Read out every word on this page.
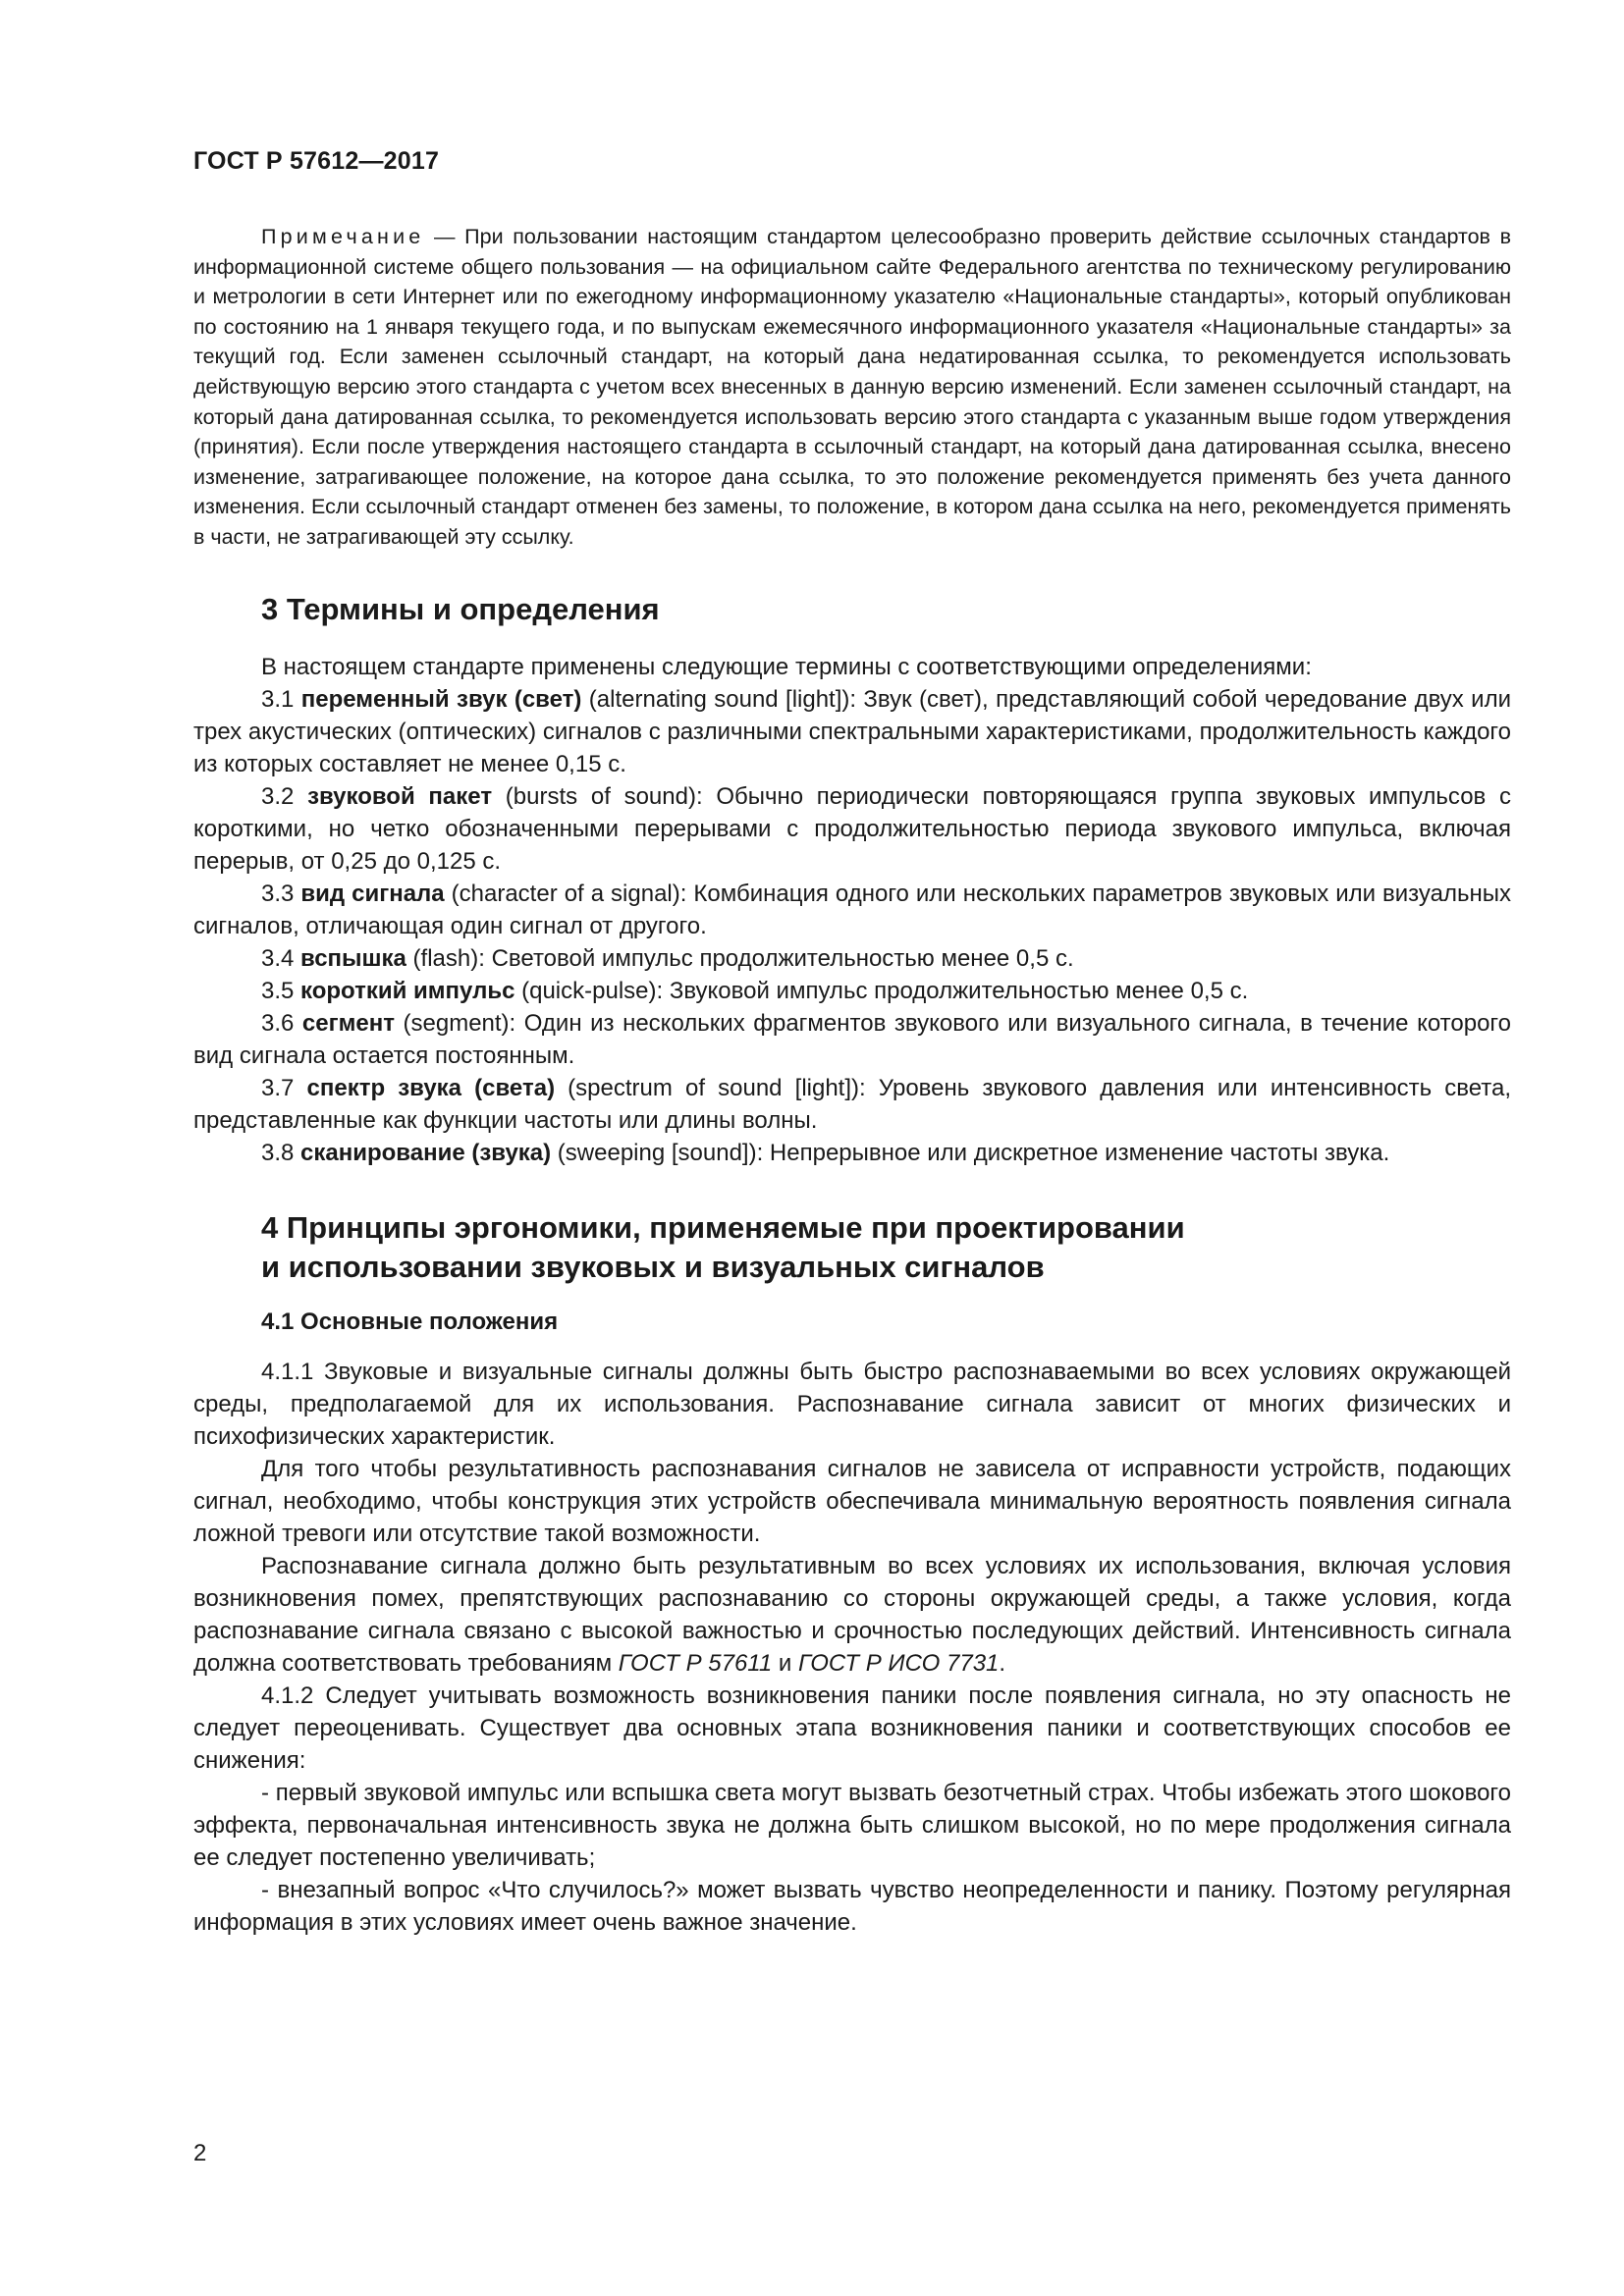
ГОСТ Р 57612—2017

Примечание — При пользовании настоящим стандартом целесообразно проверить действие ссылочных стандартов в информационной системе общего пользования — на официальном сайте Федерального агентства по техническому регулированию и метрологии в сети Интернет или по ежегодному информационному указателю «Национальные стандарты», который опубликован по состоянию на 1 января текущего года, и по выпускам ежемесячного информационного указателя «Национальные стандарты» за текущий год. Если заменен ссылочный стандарт, на который дана недатированная ссылка, то рекомендуется использовать действующую версию этого стандарта с учетом всех внесенных в данную версию изменений. Если заменен ссылочный стандарт, на который дана датированная ссылка, то рекомендуется использовать версию этого стандарта с указанным выше годом утверждения (принятия). Если после утверждения настоящего стандарта в ссылочный стандарт, на который дана датированная ссылка, внесено изменение, затрагивающее положение, на которое дана ссылка, то это положение рекомендуется применять без учета данного изменения. Если ссылочный стандарт отменен без замены, то положение, в котором дана ссылка на него, рекомендуется применять в части, не затрагивающей эту ссылку.

3 Термины и определения

В настоящем стандарте применены следующие термины с соответствующими определениями:

3.1 переменный звук (свет) (alternating sound [light]): Звук (свет), представляющий собой чередование двух или трех акустических (оптических) сигналов с различными спектральными характеристиками, продолжительность каждого из которых составляет не менее 0,15 с.

3.2 звуковой пакет (bursts of sound): Обычно периодически повторяющаяся группа звуковых импульсов с короткими, но четко обозначенными перерывами с продолжительностью периода звукового импульса, включая перерыв, от 0,25 до 0,125 с.

3.3 вид сигнала (character of a signal): Комбинация одного или нескольких параметров звуковых или визуальных сигналов, отличающая один сигнал от другого.

3.4 вспышка (flash): Световой импульс продолжительностью менее 0,5 с.

3.5 короткий импульс (quick-pulse): Звуковой импульс продолжительностью менее 0,5 с.

3.6 сегмент (segment): Один из нескольких фрагментов звукового или визуального сигнала, в течение которого вид сигнала остается постоянным.

3.7 спектр звука (света) (spectrum of sound [light]): Уровень звукового давления или интенсивность света, представленные как функции частоты или длины волны.

3.8 сканирование (звука) (sweeping [sound]): Непрерывное или дискретное изменение частоты звука.

4 Принципы эргономики, применяемые при проектировании
и использовании звуковых и визуальных сигналов
4.1 Основные положения

4.1.1 Звуковые и визуальные сигналы должны быть быстро распознаваемыми во всех условиях окружающей среды, предполагаемой для их использования. Распознавание сигнала зависит от многих физических и психофизических характеристик.

Для того чтобы результативность распознавания сигналов не зависела от исправности устройств, подающих сигнал, необходимо, чтобы конструкция этих устройств обеспечивала минимальную вероятность появления сигнала ложной тревоги или отсутствие такой возможности.

Распознавание сигнала должно быть результативным во всех условиях их использования, включая условия возникновения помех, препятствующих распознаванию со стороны окружающей среды, а также условия, когда распознавание сигнала связано с высокой важностью и срочностью последующих действий. Интенсивность сигнала должна соответствовать требованиям ГОСТ Р 57611 и ГОСТ Р ИСО 7731.

4.1.2 Следует учитывать возможность возникновения паники после появления сигнала, но эту опасность не следует переоценивать. Существует два основных этапа возникновения паники и соответствующих способов ее снижения:

- первый звуковой импульс или вспышка света могут вызвать безотчетный страх. Чтобы избежать этого шокового эффекта, первоначальная интенсивность звука не должна быть слишком высокой, но по мере продолжения сигнала ее следует постепенно увеличивать;

- внезапный вопрос «Что случилось?» может вызвать чувство неопределенности и панику. Поэтому регулярная информация в этих условиях имеет очень важное значение.

2
